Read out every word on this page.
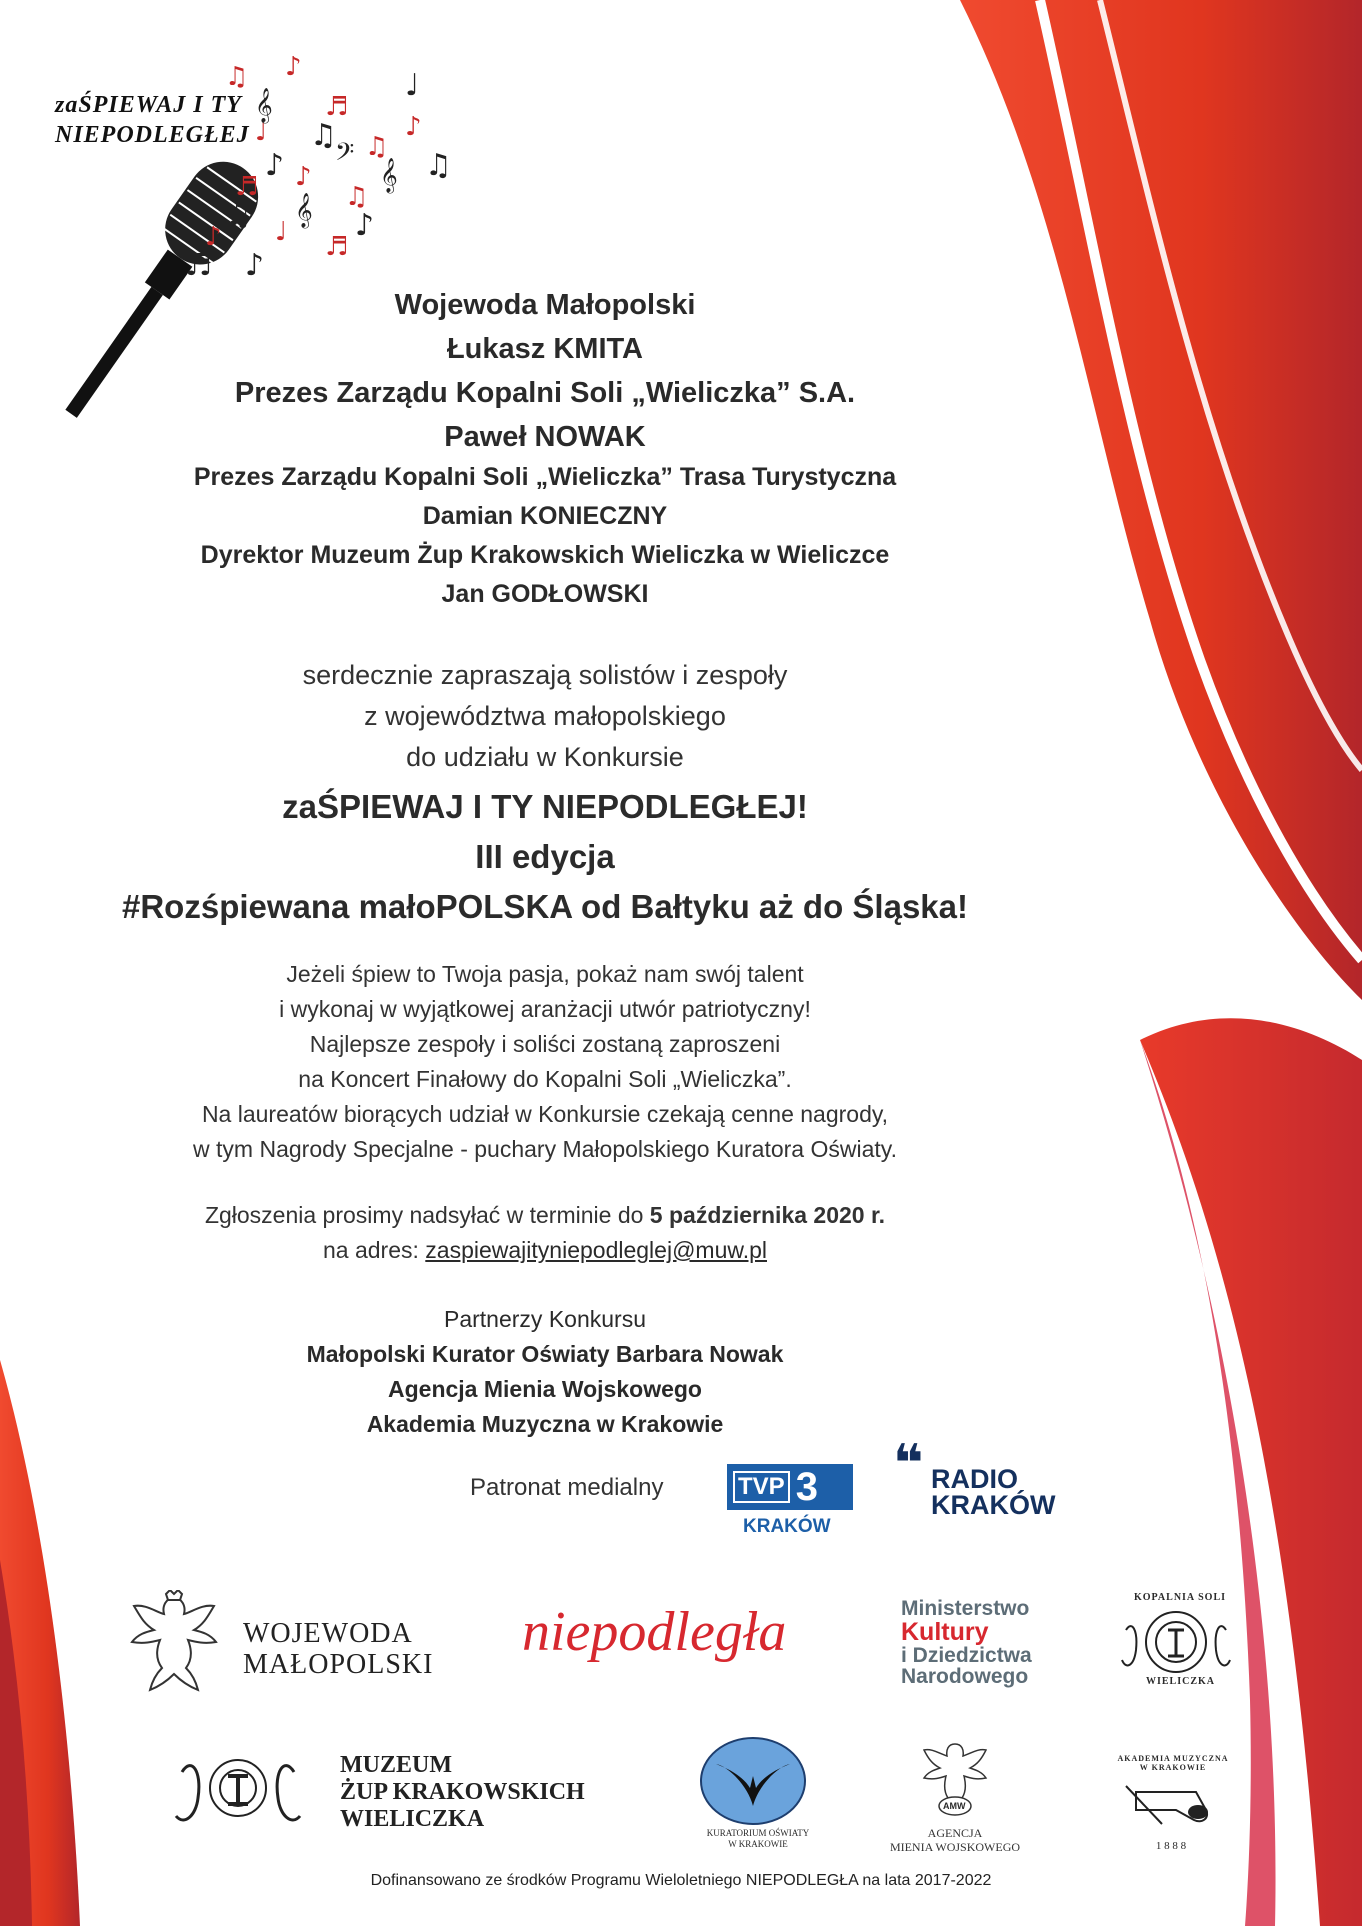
♫ ♪
♬
♩	♫
♪
♬ ♪
♫
♩
♪	♬
𝄞
♫
𝄞
♪ 𝄢
♫ 𝄞 ♪
♬ ♪
♩
♫
zaŚPIEWAJ I TY
NIEPODLEGŁEJ
Wojewoda Małopolski
Łukasz KMITA
Prezes Zarządu Kopalni Soli „Wieliczka” S.A.
Paweł NOWAK
Prezes Zarządu Kopalni Soli „Wieliczka” Trasa Turystyczna
Damian KONIECZNY
Dyrektor Muzeum Żup Krakowskich Wieliczka w Wieliczce
Jan GODŁOWSKI
serdecznie zapraszają solistów i zespoły
z województwa małopolskiego
do udziału w Konkursie
zaŚPIEWAJ I TY NIEPODLEGŁEJ!
III edycja
#Rozśpiewana małoPOLSKA od Bałtyku aż do Śląska!
Jeżeli śpiew to Twoja pasja, pokaż nam swój talent
i wykonaj w wyjątkowej aranżacji utwór patriotyczny!
Najlepsze zespoły i soliści zostaną zaproszeni
na Koncert Finałowy do Kopalni Soli „Wieliczka”.
Na laureatów biorących udział w Konkursie czekają cenne nagrody,
w tym Nagrody Specjalne - puchary Małopolskiego Kuratora Oświaty.
Zgłoszenia prosimy nadsyłać w terminie do 5 października 2020 r.
na adres: zaspiewajityniepodleglej@muw.pl
Partnerzy Konkursu
Małopolski Kurator Oświaty Barbara Nowak
Agencja Mienia Wojskowego
Akademia Muzyczna w Krakowie
Patronat medialny	TVP 3
KRAKÓW
❝ RADIO
KRAKÓW
WOJEWODA
MAŁOPOLSKI
niepodległa	Ministerstwo
Kultury
i Dziedzictwa
Narodowego
KOPALNIA SOLI
WIELICZKA
MUZEUM
ŻUP KRAKOWSKICH
WIELICZKA
KURATORIUM OŚWIATY
W KRAKOWIE
AMW
AGENCJA
MIENIA WOJSKOWEGO
AKADEMIA MUZYCZNA W KRAKOWIE
1 8 8 8
Dofinansowano ze środków Programu Wieloletniego NIEPODLEGŁA na lata 2017-2022
